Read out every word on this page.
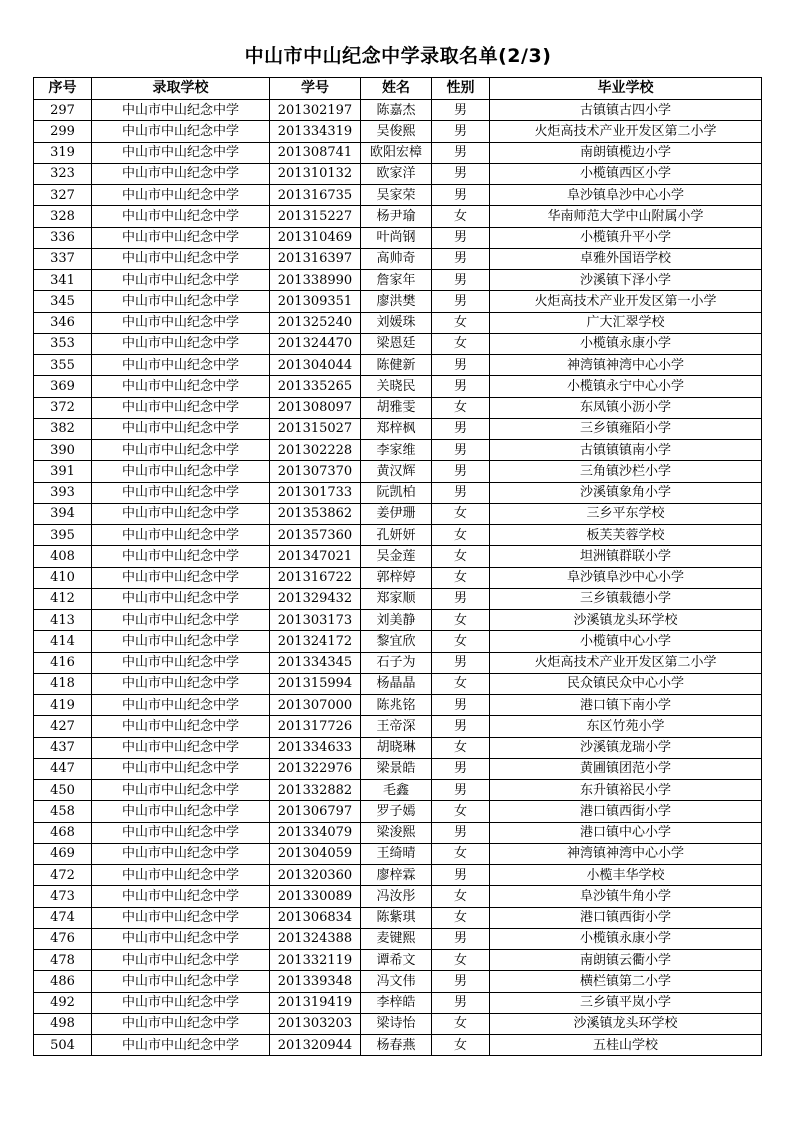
中山市中山纪念中学录取名单(2/3)
序号	录取学校	学号	姓名	性别	毕业学校
297	中山市中山纪念中学	201302197	陈嘉杰	男	古镇镇古四小学
299	中山市中山纪念中学	201334319	吴俊熙	男	火炬高技术产业开发区第二小学
319	中山市中山纪念中学	201308741	欧阳宏樟	男	南朗镇榄边小学
323	中山市中山纪念中学	201310132	欧家洋	男	小榄镇西区小学
327	中山市中山纪念中学	201316735	吴家荣	男	阜沙镇阜沙中心小学
328	中山市中山纪念中学	201315227	杨尹瑜	女	华南师范大学中山附属小学
336	中山市中山纪念中学	201310469	叶尚钢	男	小榄镇升平小学
337	中山市中山纪念中学	201316397	高帅奇	男	卓雅外国语学校
341	中山市中山纪念中学	201338990	詹家年	男	沙溪镇下泽小学
345	中山市中山纪念中学	201309351	廖洪樊	男	火炬高技术产业开发区第一小学
346	中山市中山纪念中学	201325240	刘媛珠	女	广大汇翠学校
353	中山市中山纪念中学	201324470	梁恩廷	女	小榄镇永康小学
355	中山市中山纪念中学	201304044	陈健新	男	神湾镇神湾中心小学
369	中山市中山纪念中学	201335265	关晓民	男	小榄镇永宁中心小学
372	中山市中山纪念中学	201308097	胡雅雯	女	东凤镇小沥小学
382	中山市中山纪念中学	201315027	郑梓枫	男	三乡镇雍陌小学
390	中山市中山纪念中学	201302228	李家维	男	古镇镇镇南小学
391	中山市中山纪念中学	201307370	黄汉辉	男	三角镇沙栏小学
393	中山市中山纪念中学	201301733	阮凯柏	男	沙溪镇象角小学
394	中山市中山纪念中学	201353862	姜伊珊	女	三乡平东学校
395	中山市中山纪念中学	201357360	孔妍妍	女	板芙芙蓉学校
408	中山市中山纪念中学	201347021	吴金莲	女	坦洲镇群联小学
410	中山市中山纪念中学	201316722	郭梓婷	女	阜沙镇阜沙中心小学
412	中山市中山纪念中学	201329432	郑家顺	男	三乡镇载德小学
413	中山市中山纪念中学	201303173	刘美静	女	沙溪镇龙头环学校
414	中山市中山纪念中学	201324172	黎宜欣	女	小榄镇中心小学
416	中山市中山纪念中学	201334345	石子为	男	火炬高技术产业开发区第二小学
418	中山市中山纪念中学	201315994	杨晶晶	女	民众镇民众中心小学
419	中山市中山纪念中学	201307000	陈兆铭	男	港口镇下南小学
427	中山市中山纪念中学	201317726	王帝深	男	东区竹苑小学
437	中山市中山纪念中学	201334633	胡晓琳	女	沙溪镇龙瑞小学
447	中山市中山纪念中学	201322976	梁景皓	男	黄圃镇团范小学
450	中山市中山纪念中学	201332882	毛鑫	男	东升镇裕民小学
458	中山市中山纪念中学	201306797	罗子嫣	女	港口镇西街小学
468	中山市中山纪念中学	201334079	梁浚熙	男	港口镇中心小学
469	中山市中山纪念中学	201304059	王绮晴	女	神湾镇神湾中心小学
472	中山市中山纪念中学	201320360	廖梓霖	男	小榄丰华学校
473	中山市中山纪念中学	201330089	冯汝彤	女	阜沙镇牛角小学
474	中山市中山纪念中学	201306834	陈紫琪	女	港口镇西街小学
476	中山市中山纪念中学	201324388	麦键熙	男	小榄镇永康小学
478	中山市中山纪念中学	201332119	谭希文	女	南朗镇云衢小学
486	中山市中山纪念中学	201339348	冯文伟	男	横栏镇第二小学
492	中山市中山纪念中学	201319419	李梓皓	男	三乡镇平岚小学
498	中山市中山纪念中学	201303203	梁诗怡	女	沙溪镇龙头环学校
504	中山市中山纪念中学	201320944	杨春燕	女	五桂山学校
